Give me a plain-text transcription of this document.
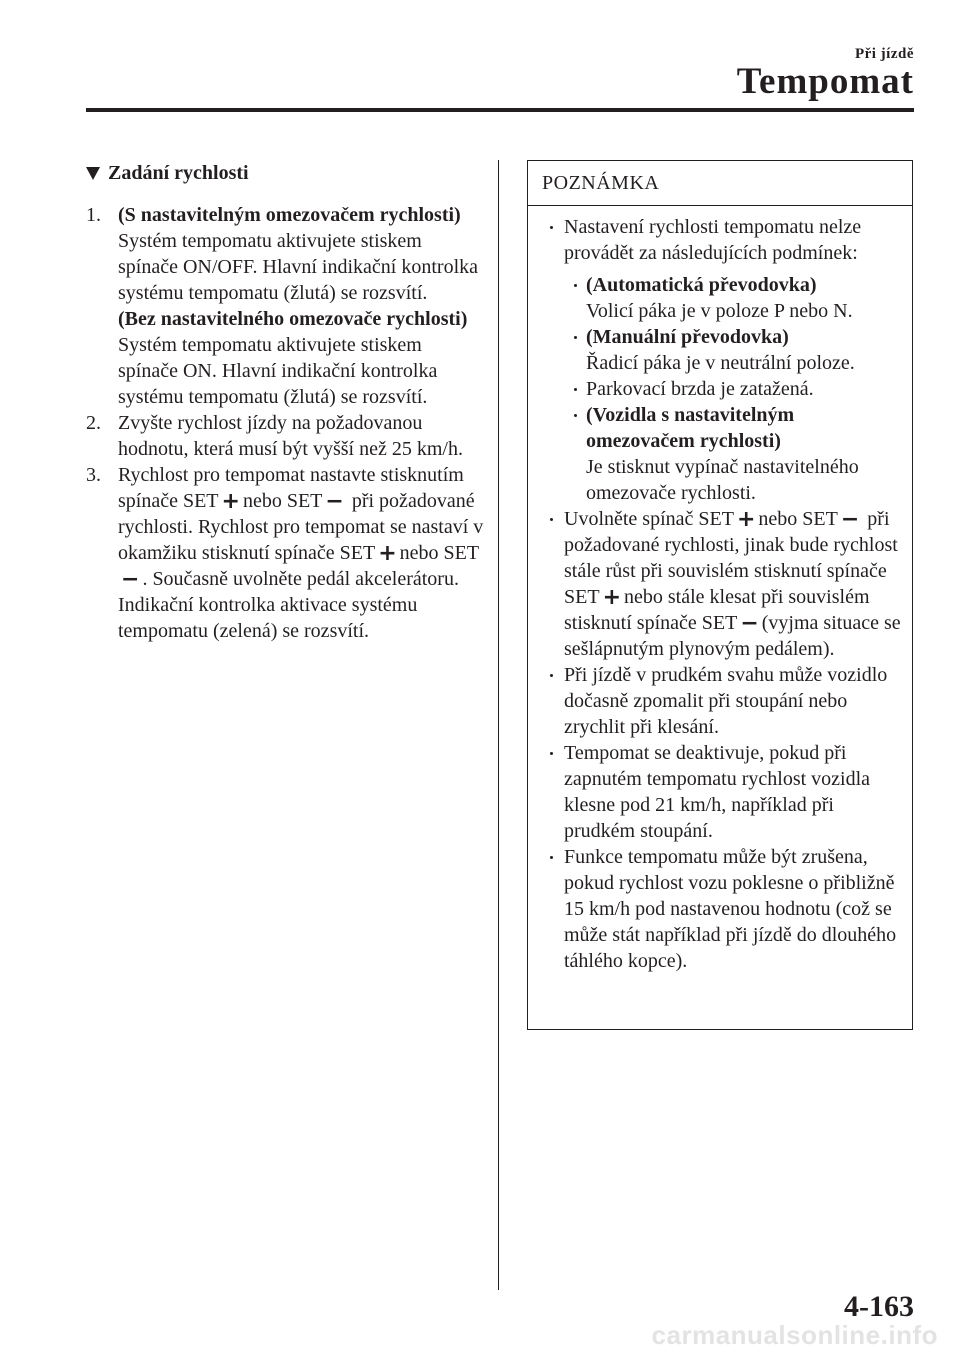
Při jízdě
Tempomat
Zadání rychlosti
1. (S nastavitelným omezovačem rychlosti)

Systém tempomatu aktivujete stiskem spínače ON/OFF. Hlavní indikační kontrolka systému tempomatu (žlutá) se rozsvítí.

(Bez nastavitelného omezovače rychlosti)

Systém tempomatu aktivujete stiskem spínače ON. Hlavní indikační kontrolka systému tempomatu (žlutá) se rozsvítí.

2. Zvyšte rychlost jízdy na požadovanou hodnotu, která musí být vyšší než 25 km/h.

3. Rychlost pro tempomat nastavte stisknutím spínače SET + nebo SET − při požadované rychlosti. Rychlost pro tempomat se nastaví v okamžiku stisknutí spínače SET + nebo SET− . Současně uvolněte pedál akcelerátoru. Indikační kontrolka aktivace systému tempomatu (zelená) se rozsvítí.

POZNÁMKA

Nastavení rychlosti tempomatu nelze provádět za následujících podmínek:

(Automatická převodovka)

Volicí páka je v poloze P nebo N.

(Manuální převodovka)

Řadicí páka je v neutrální poloze.

Parkovací brzda je zatažená.

(Vozidla s nastavitelným omezovačem rychlosti)

Je stisknut vypínač nastavitelného omezovače rychlosti.

Uvolněte spínač SET + nebo SET − při požadované rychlosti, jinak bude rychlost stále růst při souvislém stisknutí spínače SET + nebo stále klesat při souvislém stisknutí spínače SET − (vyjma situace se sešlápnutým plynovým pedálem).

Při jízdě v prudkém svahu může vozidlo dočasně zpomalit při stoupání nebo zrychlit při klesání.

Tempomat se deaktivuje, pokud při zapnutém tempomatu rychlost vozidla klesne pod 21 km/h, například při prudkém stoupání.

Funkce tempomatu může být zrušena, pokud rychlost vozu poklesne o přibližně 15 km/h pod nastavenou hodnotu (což se může stát například při jízdě do dlouhého táhlého kopce).

4-163
carmanualsonline.info
